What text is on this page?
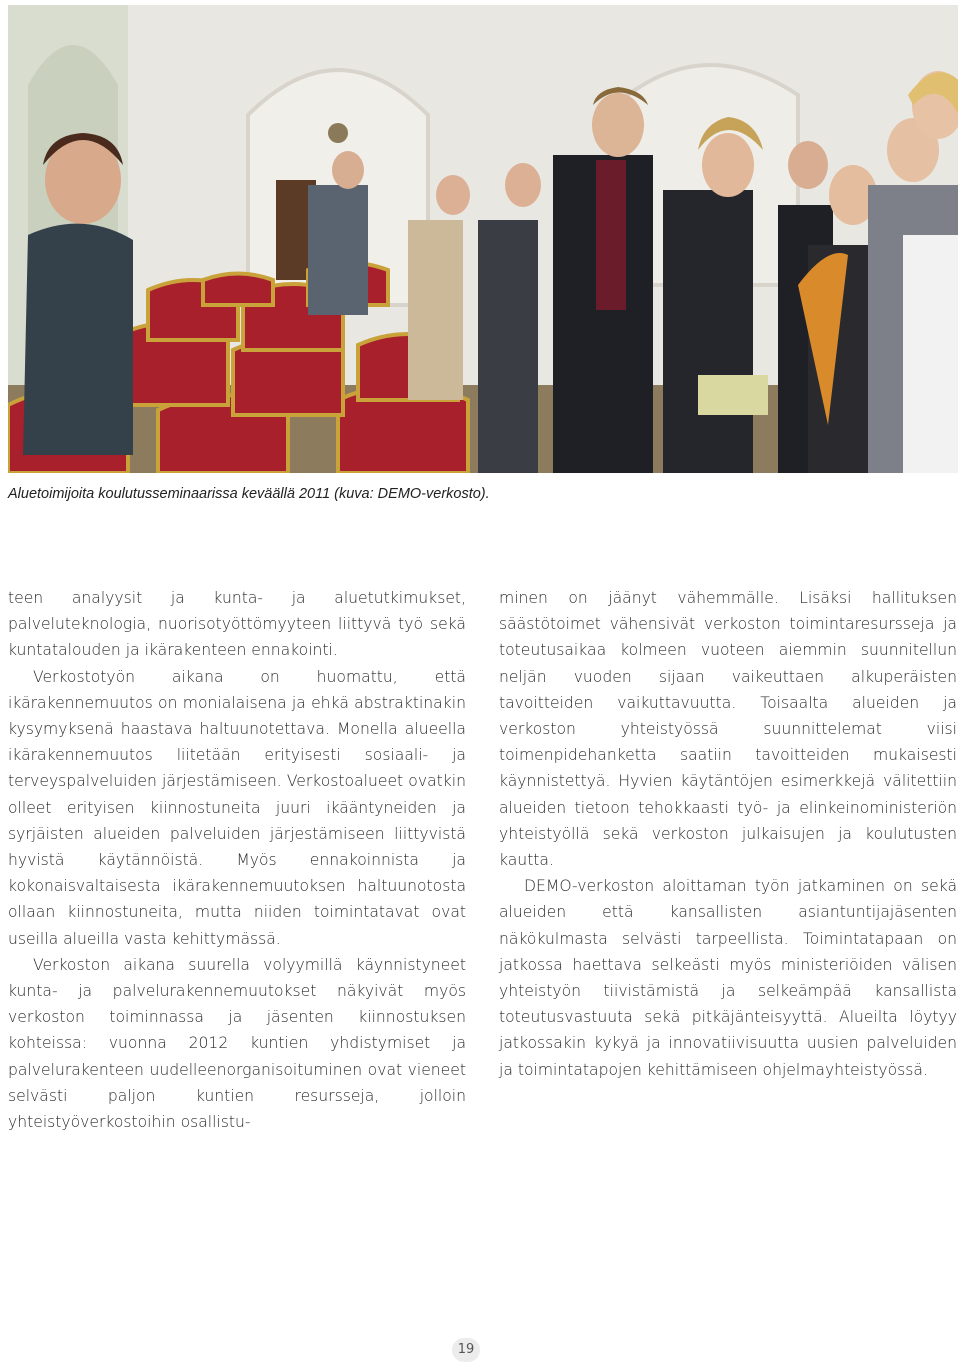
Aluetoimijoita koulutusseminaarissa keväällä 2011 (kuva: DEMO-verkosto).

teen analyysit ja kunta- ja aluetutkimukset, palveluteknologia, nuorisotyöttömyyteen liittyvä työ sekä kuntatalouden ja ikärakenteen ennakointi.

Verkostotyön aikana on huomattu, että ikärakennemuutos on monialaisena ja ehkä abstraktinakin kysymyksenä haastava haltuunotettava. Monella alueella ikärakennemuutos liitetään erityisesti sosiaali- ja terveyspalveluiden järjestämiseen. Verkostoalueet ovatkin olleet erityisen kiinnostuneita juuri ikääntyneiden ja syrjäisten alueiden palveluiden järjestämiseen liittyvistä hyvistä käytännöistä. Myös ennakoinnista ja kokonaisvaltaisesta ikärakennemuutoksen haltuunotosta ollaan kiinnostuneita, mutta niiden toimintatavat ovat useilla alueilla vasta kehittymässä.

Verkoston aikana suurella volyymillä käynnistyneet kunta- ja palvelurakennemuutokset näkyivät myös verkoston toiminnassa ja jäsenten kiinnostuksen kohteissa: vuonna 2012 kuntien yhdistymiset ja palvelurakenteen uudelleenorganisoituminen ovat vieneet selvästi paljon kuntien resursseja, jolloin yhteistyöverkostoihin osallistu-

minen on jäänyt vähemmälle. Lisäksi hallituksen säästötoimet vähensivät verkoston toimintaresursseja ja toteutusaikaa kolmeen vuoteen aiemmin suunnitellun neljän vuoden sijaan vaikeuttaen alkuperäisten tavoitteiden vaikuttavuutta. Toisaalta alueiden ja verkoston yhteistyössä suunnittelemat viisi toimenpidehanketta saatiin tavoitteiden mukaisesti käynnistettyä. Hyvien käytäntöjen esimerkkejä välitettiin alueiden tietoon tehokkaasti työ- ja elinkeinoministeriön yhteistyöllä sekä verkoston julkaisujen ja koulutusten kautta.

DEMO-verkoston aloittaman työn jatkaminen on sekä alueiden että kansallisten asiantuntijajäsenten näkökulmasta selvästi tarpeellista. Toimintatapaan on jatkossa haettava selkeästi myös ministeriöiden välisen yhteistyön tiivistämistä ja selkeämpää kansallista toteutusvastuuta sekä pitkäjänteisyyttä. Alueilta löytyy jatkossakin kykyä ja innovatiivisuutta uusien palveluiden ja toimintatapojen kehittämiseen ohjelmayhteistyössä.

19
